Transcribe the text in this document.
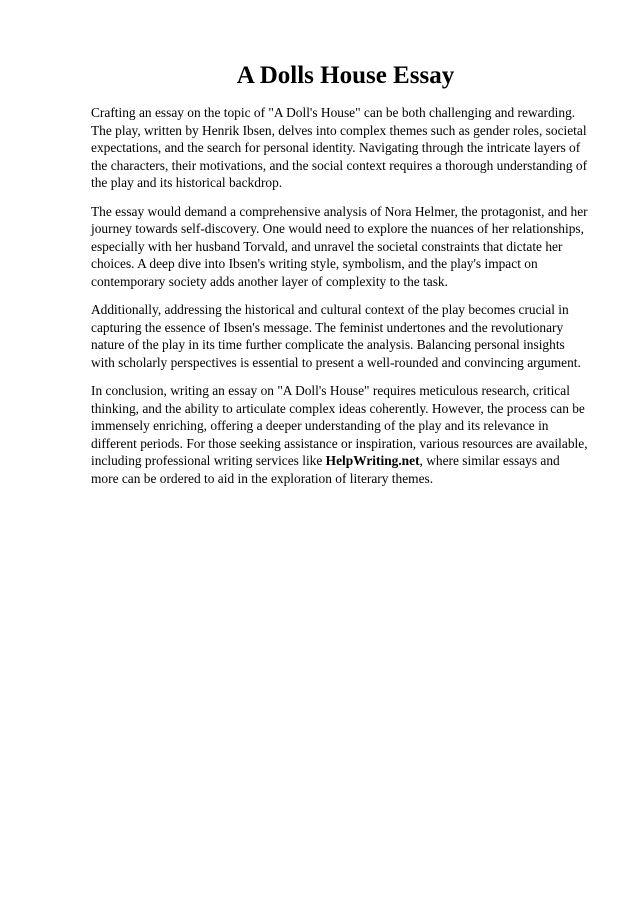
A Dolls House Essay

Crafting an essay on the topic of "A Doll's House" can be both challenging and rewarding. The play, written by Henrik Ibsen, delves into complex themes such as gender roles, societal expectations, and the search for personal identity. Navigating through the intricate layers of the characters, their motivations, and the social context requires a thorough understanding of the play and its historical backdrop.

The essay would demand a comprehensive analysis of Nora Helmer, the protagonist, and her journey towards self-discovery. One would need to explore the nuances of her relationships, especially with her husband Torvald, and unravel the societal constraints that dictate her choices. A deep dive into Ibsen's writing style, symbolism, and the play's impact on contemporary society adds another layer of complexity to the task.

Additionally, addressing the historical and cultural context of the play becomes crucial in capturing the essence of Ibsen's message. The feminist undertones and the revolutionary nature of the play in its time further complicate the analysis. Balancing personal insights with scholarly perspectives is essential to present a well-rounded and convincing argument.

In conclusion, writing an essay on "A Doll's House" requires meticulous research, critical thinking, and the ability to articulate complex ideas coherently. However, the process can be immensely enriching, offering a deeper understanding of the play and its relevance in different periods. For those seeking assistance or inspiration, various resources are available, including professional writing services like HelpWriting.net, where similar essays and more can be ordered to aid in the exploration of literary themes.
